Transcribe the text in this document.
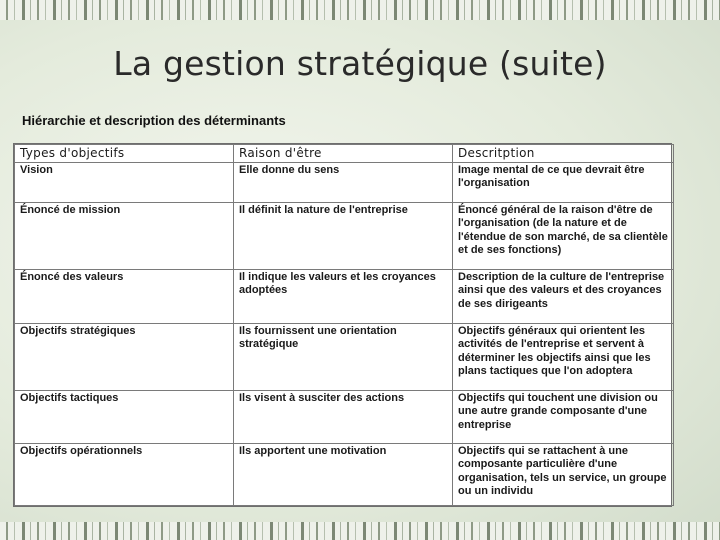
La gestion stratégique (suite)
Hiérarchie et description des déterminants
Types d'objectifs	Raison d'être	Descritption
Vision	Elle donne du sens	Image mental de ce que devrait être l'organisation
Énoncé de mission	Il définit la nature de l'entreprise	Énoncé général de la raison d'être de l'organisation (de la nature et de l'étendue de son marché, de sa clientèle et de ses fonctions)
Énoncé des valeurs	Il indique les valeurs et les croyances adoptées	Description de la culture de l'entreprise ainsi que des valeurs et des croyances de ses dirigeants
Objectifs stratégiques	Ils fournissent une orientation stratégique	Objectifs généraux qui orientent les activités de l'entreprise et servent à déterminer les objectifs ainsi que les plans tactiques que l'on adoptera
Objectifs tactiques	Ils visent à susciter des actions	Objectifs qui touchent une division ou une autre grande composante d'une entreprise
Objectifs opérationnels	Ils apportent une motivation	Objectifs qui se rattachent à une composante particulière d'une organisation, tels un service, un groupe ou un individu
